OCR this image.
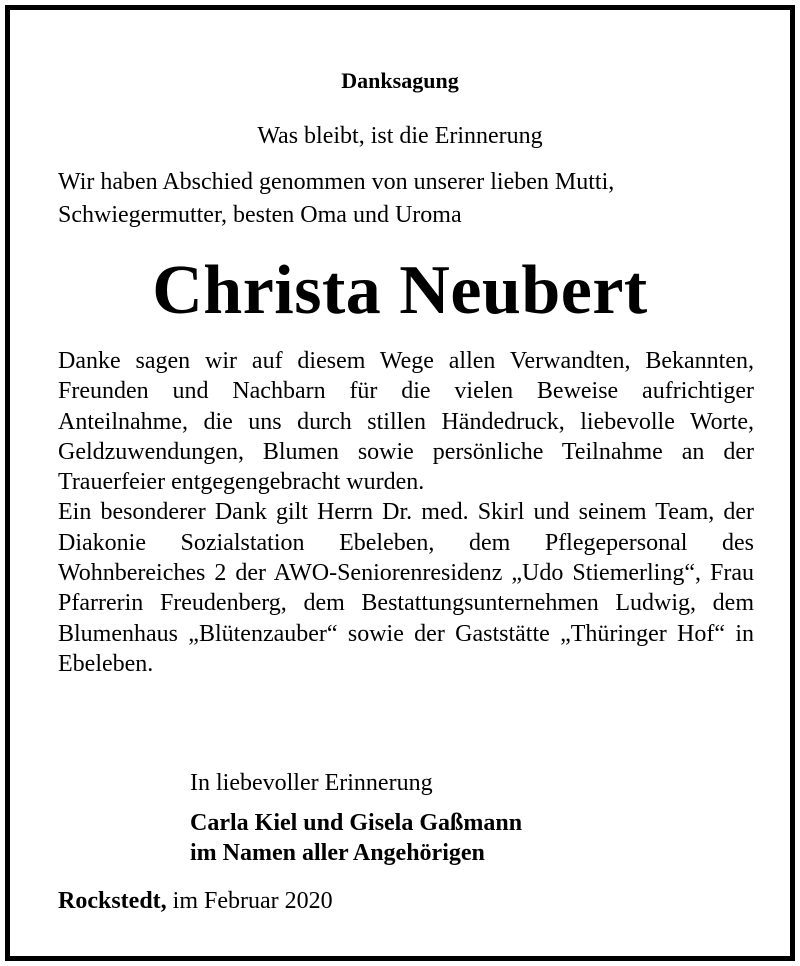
Danksagung
Was bleibt, ist die Erinnerung
Wir haben Abschied genommen von unserer lieben Mutti, Schwiegermutter, besten Oma und Uroma
Christa Neubert

Danke sagen wir auf diesem Wege allen Verwandten, Bekannten, Freunden und Nachbarn für die vielen Beweise aufrichtiger Anteilnahme, die uns durch stillen Händedruck, liebevolle Worte, Geldzuwendungen, Blumen sowie persönliche Teilnahme an der Trauerfeier entgegengebracht wurden.

Ein besonderer Dank gilt Herrn Dr. med. Skirl und seinem Team, der Diakonie Sozialstation Ebeleben, dem Pflegepersonal des Wohnbereiches 2 der AWO-Seniorenresidenz „Udo Stiemerling“, Frau Pfarrerin Freudenberg, dem Bestattungsunternehmen Ludwig, dem Blumenhaus „Blütenzauber“ sowie der Gaststätte „Thüringer Hof“ in Ebeleben.

In liebevoller Erinnerung
Carla Kiel und Gisela Gaßmann
im Namen aller Angehörigen
Rockstedt, im Februar 2020
